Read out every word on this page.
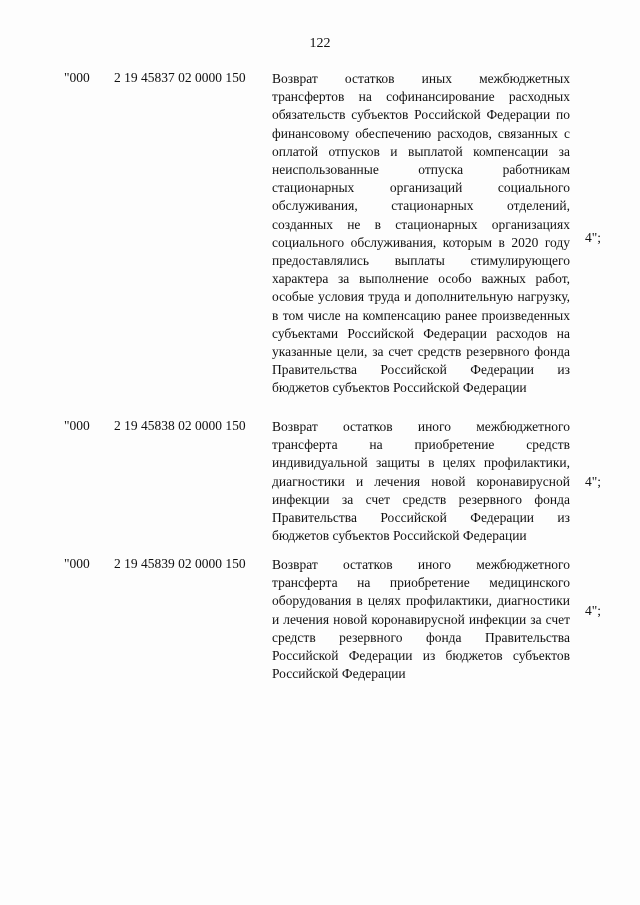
122
"000 2 19 45837 02 0000 150 Возврат остатков иных межбюджетных трансфертов на софинансирование расходных обязательств субъектов Российской Федерации по финансовому обеспечению расходов, связанных с оплатой отпусков и выплатой компенсации за неиспользованные отпуска работникам стационарных организаций социального обслуживания, стационарных отделений, созданных не в стационарных организациях социального обслуживания, которым в 2020 году предоставлялись выплаты стимулирующего характера за выполнение особо важных работ, особые условия труда и дополнительную нагрузку, в том числе на компенсацию ранее произведенных субъектами Российской Федерации расходов на указанные цели, за счет средств резервного фонда Правительства Российской Федерации из бюджетов субъектов Российской Федерации
4";
"000 2 19 45838 02 0000 150 Возврат остатков иного межбюджетного трансферта на приобретение средств индивидуальной защиты в целях профилактики, диагностики и лечения новой коронавирусной инфекции за счет средств резервного фонда Правительства Российской Федерации из бюджетов субъектов Российской Федерации
4";
"000 2 19 45839 02 0000 150 Возврат остатков иного межбюджетного трансферта на приобретение медицинского оборудования в целях профилактики, диагностики и лечения новой коронавирусной инфекции за счет средств резервного фонда Правительства Российской Федерации из бюджетов субъектов Российской Федерации
4";
